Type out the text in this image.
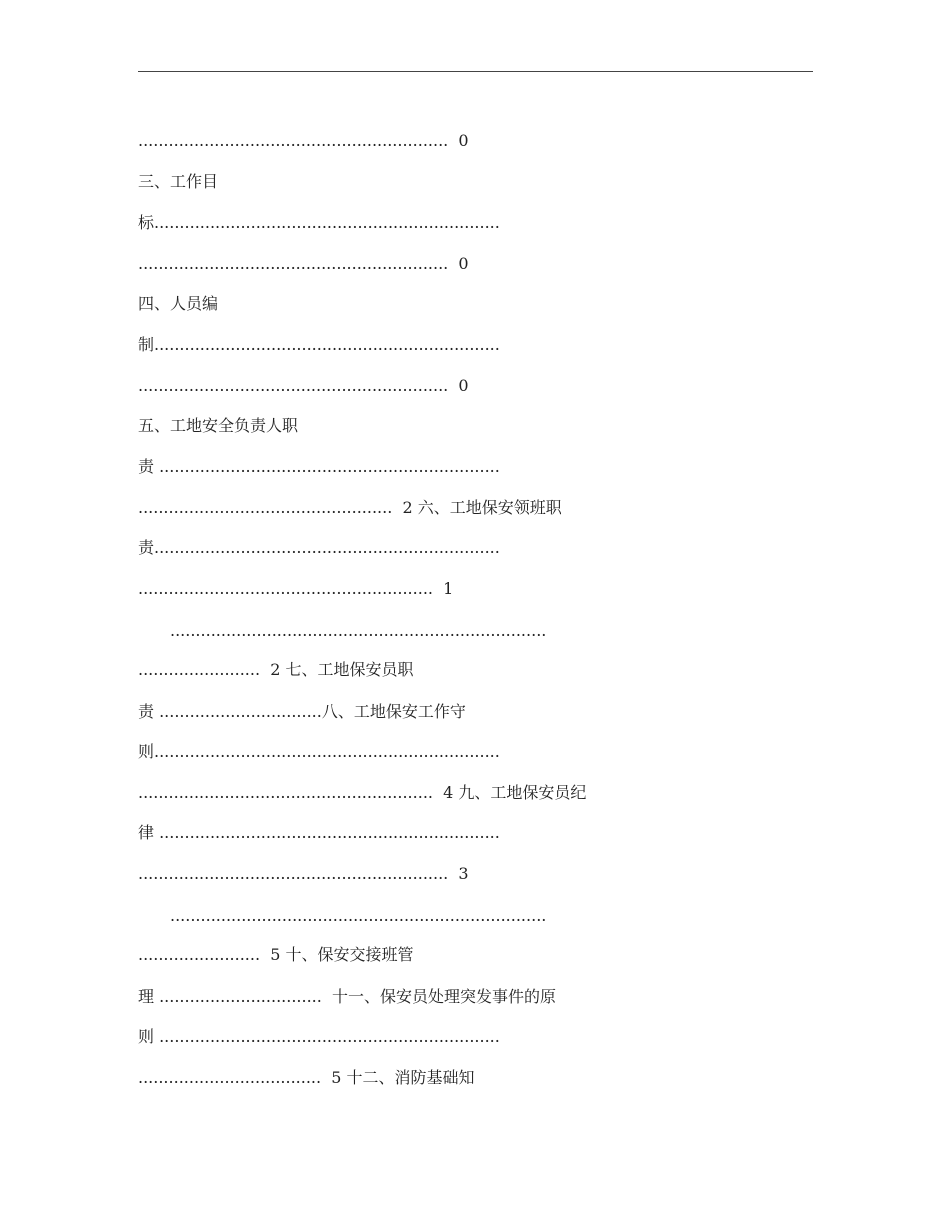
.............................................................  0
三、工作目
标....................................................................
.............................................................  0
四、人员编
制....................................................................
.............................................................  0
五、工地安全负责人职
责 ...................................................................
..................................................  2 六、工地保安领班职
责....................................................................
..........................................................  1
..........................................................................
........................  2 七、工地保安员职
责 ................................八、工地保安工作守
则....................................................................
..........................................................  4 九、工地保安员纪
律 ...................................................................
.............................................................  3
..........................................................................
........................  5 十、保安交接班管
理 ................................  十一、保安员处理突发事件的原
则 ...................................................................
....................................  5 十二、消防基础知
